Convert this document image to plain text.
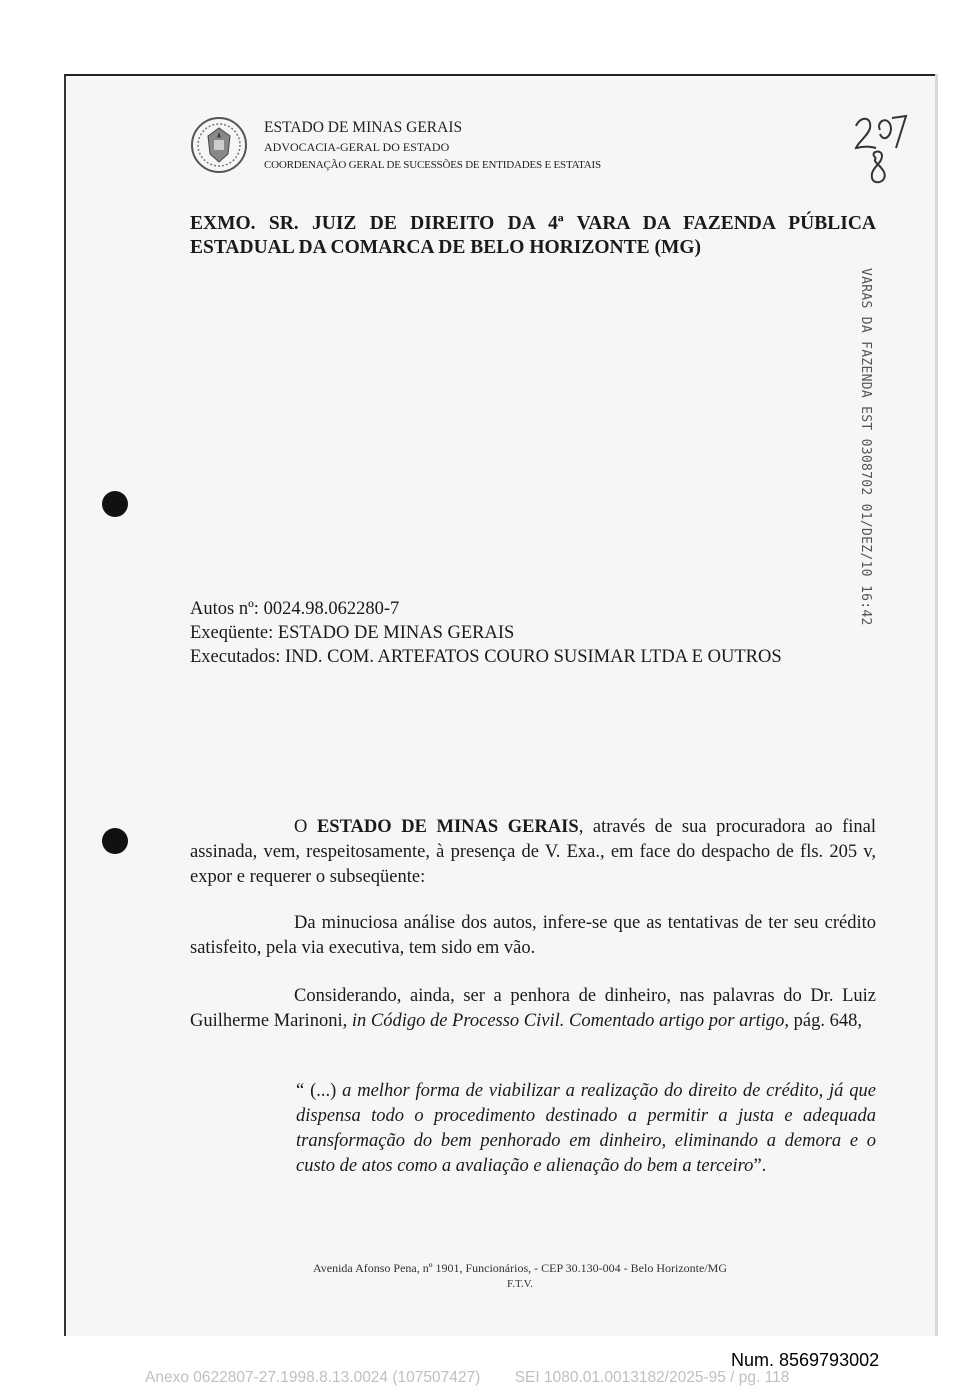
ESTADO DE MINAS GERAIS
ADVOCACIA-GERAL DO ESTADO
COORDENAÇÃO GERAL DE SUCESSÕES DE ENTIDADES E ESTATAIS
EXMO. SR. JUIZ DE DIREITO DA 4ª VARA DA FAZENDA PÚBLICA
ESTADUAL DA COMARCA DE BELO HORIZONTE (MG)
VARAS DA FAZENDA EST 0308702 01/DEZ/10 16:42
Autos nº: 0024.98.062280-7
Exeqüente: ESTADO DE MINAS GERAIS
Executados: IND. COM. ARTEFATOS COURO SUSIMAR LTDA E OUTROS
O ESTADO DE MINAS GERAIS, através de sua procuradora ao final assinada, vem, respeitosamente, à presença de V. Exa., em face do despacho de fls. 205 v, expor e requerer o subseqüente:
Da minuciosa análise dos autos, infere-se que as tentativas de ter seu crédito satisfeito, pela via executiva, tem sido em vão.
Considerando, ainda, ser a penhora de dinheiro, nas palavras do Dr. Luiz Guilherme Marinoni, in Código de Processo Civil. Comentado artigo por artigo, pág. 648,
“ (...) a melhor forma de viabilizar a realização do direito de crédito, já que dispensa todo o procedimento destinado a permitir a justa e adequada transformação do bem penhorado em dinheiro, eliminando a demora e o custo de atos como a avaliação e alienação do bem a terceiro”.
Avenida Afonso Pena, nº 1901, Funcionários, - CEP 30.130-004 - Belo Horizonte/MG
F.T.V.
Num. 8569793002
Anexo 0622807-27.1998.8.13.0024 (107507427)        SEI 1080.01.0013182/2025-95 / pg. 118
